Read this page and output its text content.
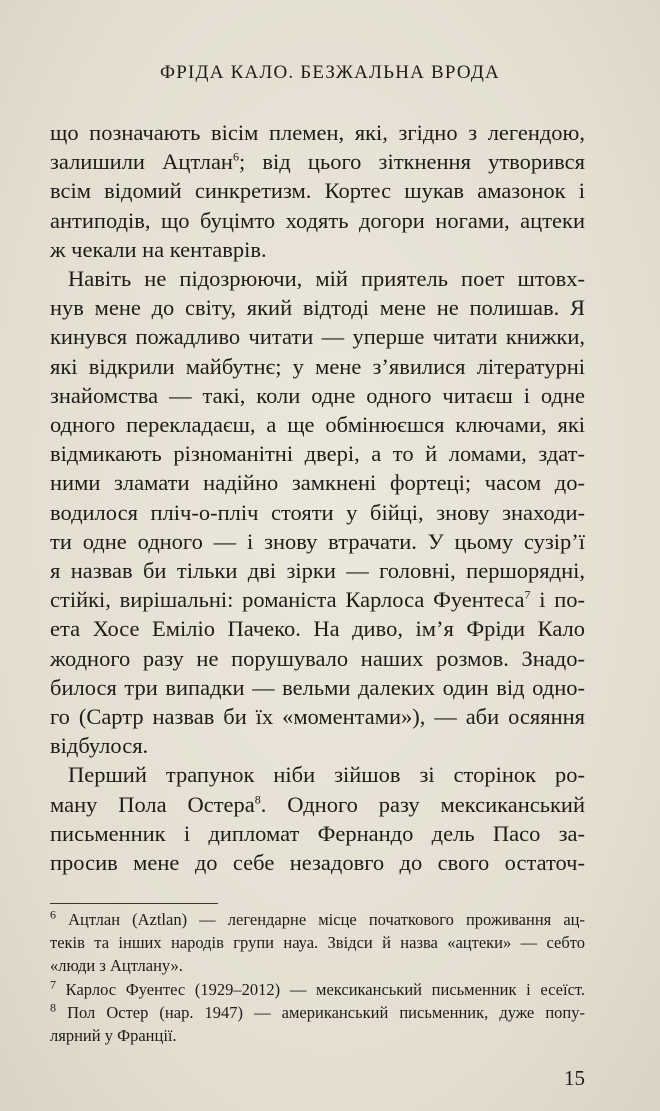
ФРІДА КАЛО. БЕЗЖАЛЬНА ВРОДА

що позначають вісім племен, які, згідно з легендою,
залишили Ацтлан$^6$; від цього зіткнення утворився
всім відомий синкретизм. Кортес шукав амазонок і
антиподів, що буцімто ходять догори ногами, ацтеки
ж чекали на кентаврів.

Навіть не підозрюючи, мій приятель поет штовх-
нув мене до світу, який відтоді мене не полишав. Я
кинувся пожадливо читати — уперше читати книжки,
які відкрили майбутнє; у мене з’явилися літературні
знайомства — такі, коли одне одного читаєш і одне
одного перекладаєш, а ще обмінюєшся ключами, які
відмикають різноманітні двері, а то й ломами, здат-
ними зламати надійно замкнені фортеці; часом до-
водилося пліч-о-пліч стояти у бійці, знову знаходи-
ти одне одного — і знову втрачати. У цьому сузір’ї
я назвав би тільки дві зірки — головні, першорядні,
стійкі, вирішальні: романіста Карлоса Фуентеса$^7$ і по-
ета Хосе Еміліо Пачеко. На диво, ім’я Фріди Кало
жодного разу не порушувало наших розмов. Знадо-
билося три випадки — вельми далеких один від одно-
го (Сартр назвав би їх «моментами»), — аби осяяння
відбулося.

Перший трапунок ніби зійшов зі сторінок ро-
ману Пола Остера$^8$. Одного разу мексиканський
письменник і дипломат Фернандо дель Пасо за-
просив мене до себе незадовго до свого остаточ-

$^6$ Ацтлан (Aztlan) — легендарне місце початкового проживання ац-
теків та інших народів групи науа. Звідси й назва «ацтеки» — себто
«люди з Ацтлану».
$^7$ Карлос Фуентес (1929–2012) — мексиканський письменник і есеїст.
$^8$ Пол Остер (нар. 1947) — американський письменник, дуже попу-
лярний у Франції.
15
